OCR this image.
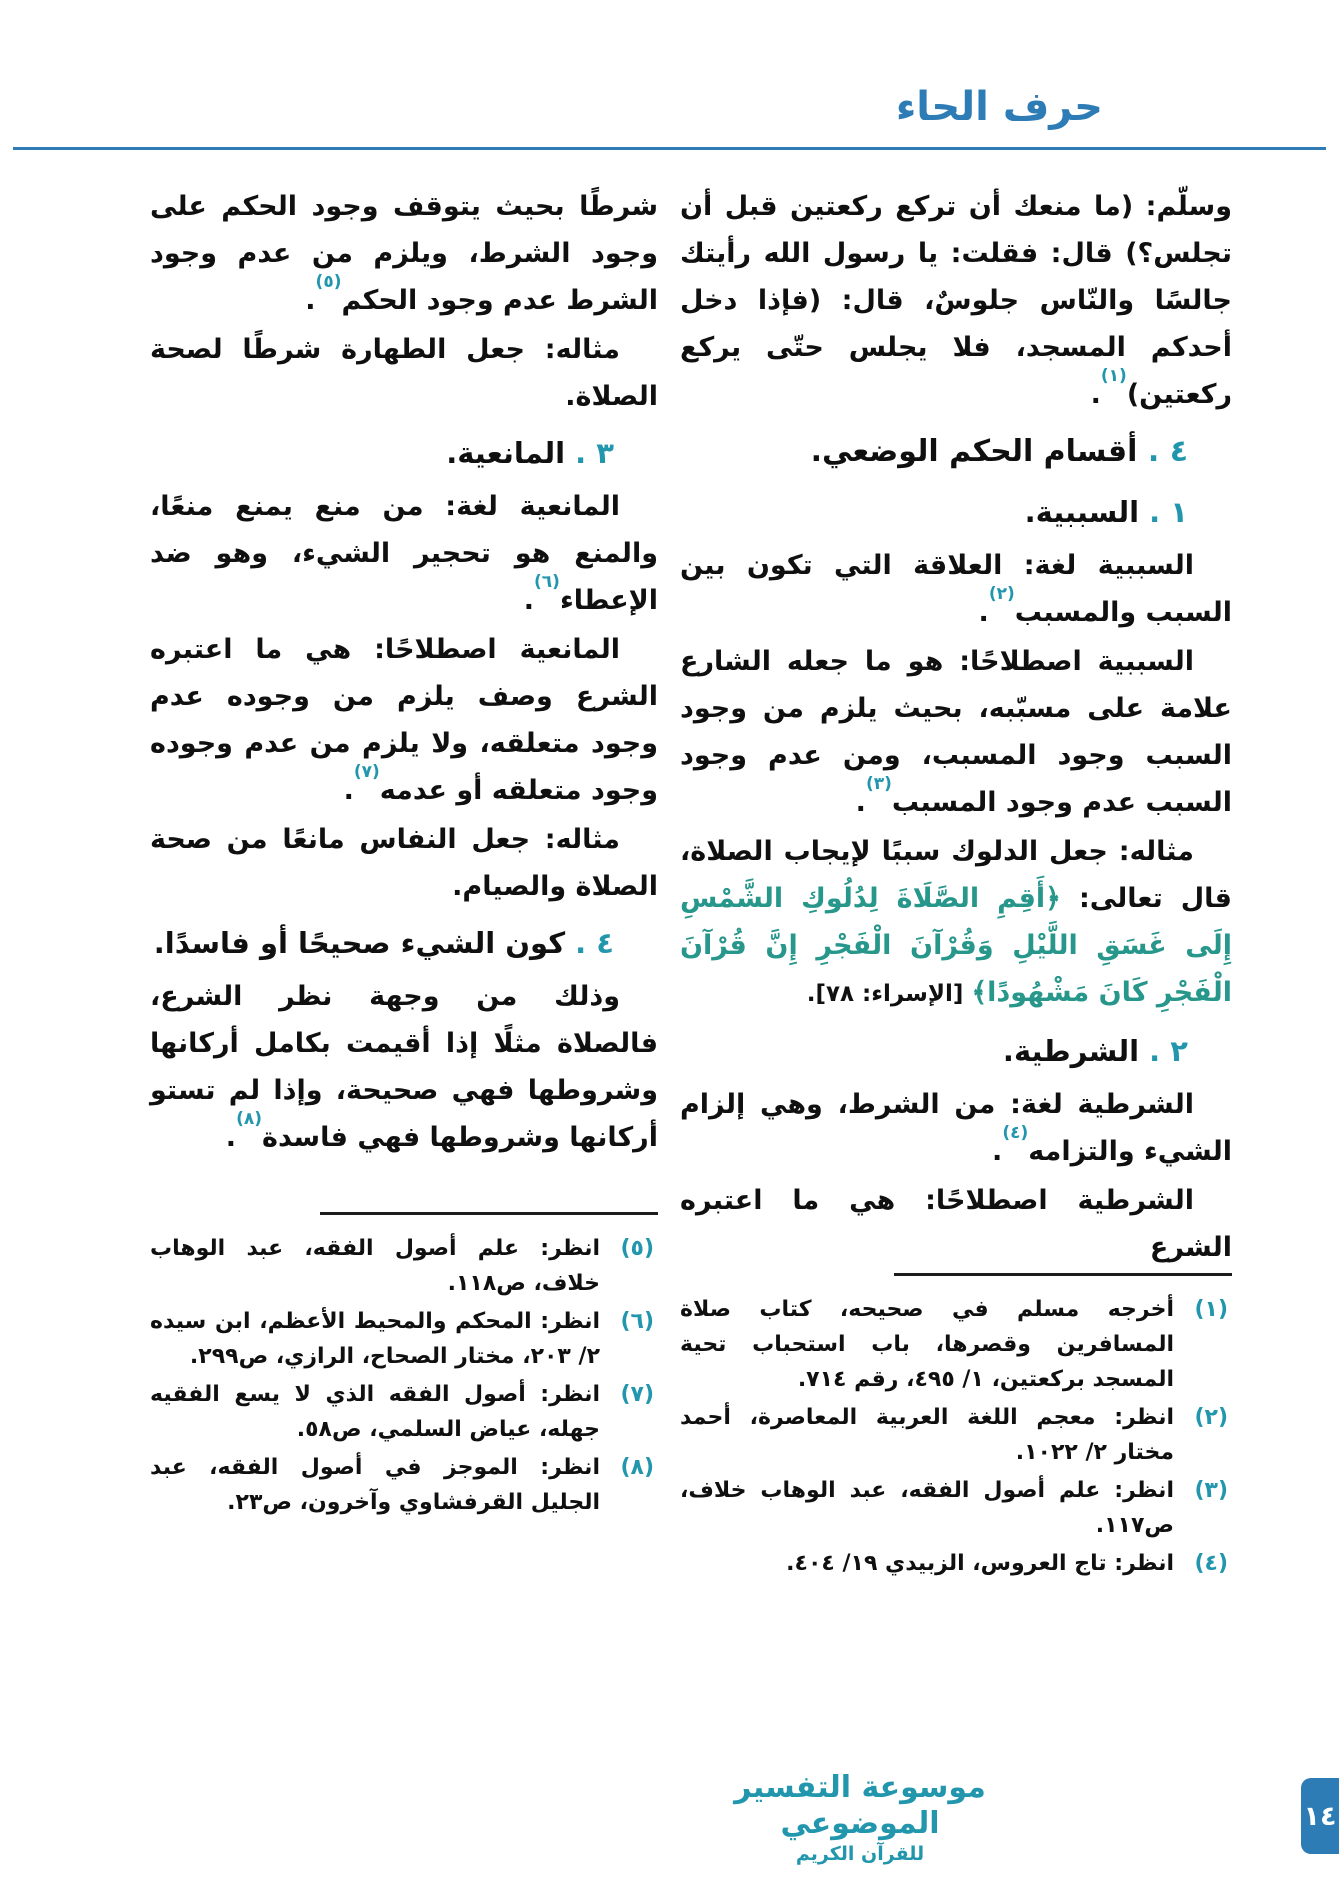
حرف الحاء

وسلّم: (ما منعك أن تركع ركعتين قبل أن تجلس؟) قال: فقلت: يا رسول الله رأيتك جالسًا والنّاس جلوسٌ، قال: (فإذا دخل أحدكم المسجد، فلا يجلس حتّى يركع ركعتين)$^{(١)}$.

٤ . أقسام الحكم الوضعي.

١ . السببية.

السببية لغة: العلاقة التي تكون بين السبب والمسبب$^{(٢)}$.

السببية اصطلاحًا: هو ما جعله الشارع علامة على مسبّبه، بحيث يلزم من وجود السبب وجود المسبب، ومن عدم وجود السبب عدم وجود المسبب$^{(٣)}$.

مثاله: جعل الدلوك سببًا لإيجاب الصلاة، قال تعالى: ﴿أَقِمِ الصَّلَاةَ لِدُلُوكِ الشَّمْسِ إِلَى غَسَقِ اللَّيْلِ وَقُرْآنَ الْفَجْرِ إِنَّ قُرْآنَ الْفَجْرِ كَانَ مَشْهُودًا﴾ [الإسراء: ٧٨].

٢ . الشرطية.

الشرطية لغة: من الشرط، وهي إلزام الشيء والتزامه$^{(٤)}$.

الشرطية اصطلاحًا: هي ما اعتبره الشرع

(١)
أخرجه مسلم في صحيحه، كتاب صلاة المسافرين وقصرها، باب استحباب تحية المسجد بركعتين، ١/ ٤٩٥، رقم ٧١٤.
(٢)
انظر: معجم اللغة العربية المعاصرة، أحمد مختار ٢/ ١٠٢٢.
(٣)
انظر: علم أصول الفقه، عبد الوهاب خلاف، ص١١٧.
(٤)
انظر: تاج العروس، الزبيدي ١٩/ ٤٠٤.

شرطًا بحيث يتوقف وجود الحكم على وجود الشرط، ويلزم من عدم وجود الشرط عدم وجود الحكم$^{(٥)}$.

مثاله: جعل الطهارة شرطًا لصحة الصلاة.

٣ . المانعية.

المانعية لغة: من منع يمنع منعًا، والمنع هو تحجير الشيء، وهو ضد الإعطاء$^{(٦)}$.

المانعية اصطلاحًا: هي ما اعتبره الشرع وصف يلزم من وجوده عدم وجود متعلقه، ولا يلزم من عدم وجوده وجود متعلقه أو عدمه$^{(٧)}$.

مثاله: جعل النفاس مانعًا من صحة الصلاة والصيام.

٤ . كون الشيء صحيحًا أو فاسدًا.

وذلك من وجهة نظر الشرع، فالصلاة مثلًا إذا أقيمت بكامل أركانها وشروطها فهي صحيحة، وإذا لم تستو أركانها وشروطها فهي فاسدة$^{(٨)}$.

(٥)
انظر: علم أصول الفقه، عبد الوهاب خلاف، ص١١٨.
(٦)
انظر: المحكم والمحيط الأعظم، ابن سيده ٢/ ٢٠٣، مختار الصحاح، الرازي، ص٢٩٩.
(٧)
انظر: أصول الفقه الذي لا يسع الفقيه جهله، عياض السلمي، ص٥٨.
(٨)
انظر: الموجز في أصول الفقه، عبد الجليل القرفشاوي وآخرون، ص٢٣.
موسوعة التفسير الموضوعي
للقرآن الكريم
١٤
